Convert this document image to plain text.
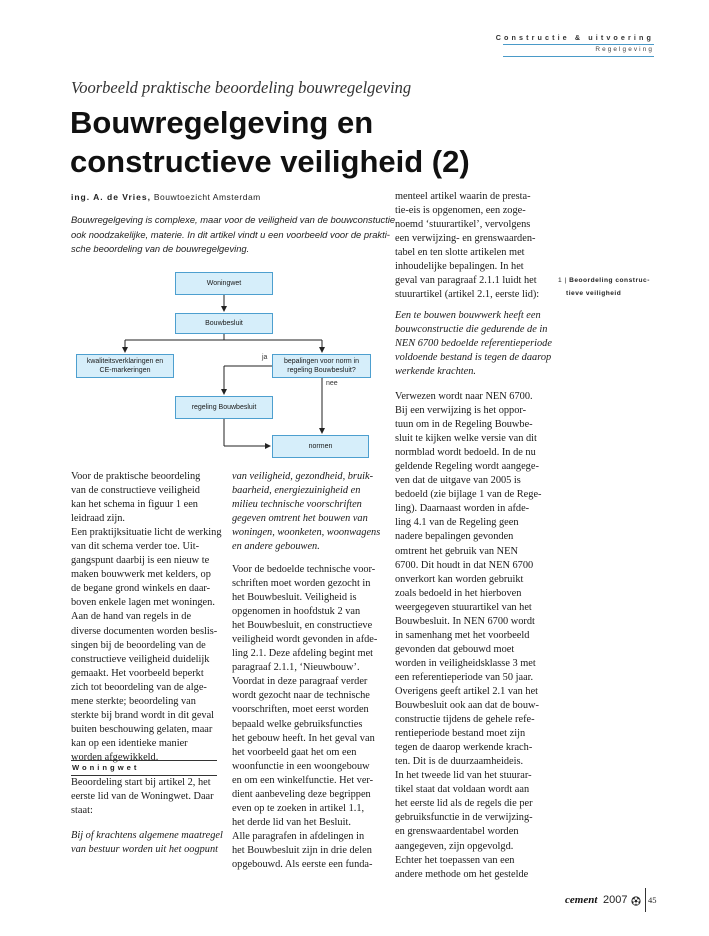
Constructie & uitvoering
Regelgeving
Voorbeeld praktische beoordeling bouwregelgeving
Bouwregelgeving en
constructieve veiligheid (2)
ing. A. de Vries, Bouwtoezicht Amsterdam
Bouwregelgeving is complexe, maar voor de veiligheid van de bouwconstuctie
ook noodzakelijke, materie. In dit artikel vindt u een voorbeeld voor de prakti-
sche beoordeling van de bouwregelgeving.
Woningwet
Bouwbesluit
kwaliteitsverklaringen en
CE-markeringen
bepalingen voor norm in
regeling Bouwbesluit?
regeling Bouwbesluit
normen
ja
nee
1 | Beoordeling construc-
tieve veiligheid
Voor de praktische beoordeling
van de constructieve veiligheid
kan het schema in figuur 1 een
leidraad zijn.
Een praktijksituatie licht de werking
van dit schema verder toe. Uit-
gangspunt daarbij is een nieuw te
maken bouwwerk met kelders, op
de begane grond winkels en daar-
boven enkele lagen met woningen.
Aan de hand van regels in de
diverse documenten worden beslis-
singen bij de beoordeling van de
constructieve veiligheid duidelijk
gemaakt. Het voorbeeld beperkt
zich tot beoordeling van de alge-
mene sterkte; beoordeling van
sterkte bij brand wordt in dit geval
buiten beschouwing gelaten, maar
kan op een identieke manier
worden afgewikkeld.
Woningwet
Beoordeling start bij artikel 2, het
eerste lid van de Woningwet. Daar
staat:
Bij of krachtens algemene maatregel
van bestuur worden uit het oogpunt
van veiligheid, gezondheid, bruik-
baarheid, energiezuinigheid en
milieu technische voorschriften
gegeven omtrent het bouwen van
woningen, woonketen, woonwagens
en andere gebouwen.
Voor de bedoelde technische voor-
schriften moet worden gezocht in
het Bouwbesluit. Veiligheid is
opgenomen in hoofdstuk 2 van
het Bouwbesluit, en constructieve
veiligheid wordt gevonden in afde-
ling 2.1. Deze afdeling begint met
paragraaf 2.1.1, ‘Nieuwbouw’.
Voordat in deze paragraaf verder
wordt gezocht naar de technische
voorschriften, moet eerst worden
bepaald welke gebruiksfuncties
het gebouw heeft. In het geval van
het voorbeeld gaat het om een
woonfunctie in een woongebouw
en om een winkelfunctie. Het ver-
dient aanbeveling deze begrippen
even op te zoeken in artikel 1.1,
het derde lid van het Besluit.
Alle paragrafen in afdelingen in
het Bouwbesluit zijn in drie delen
opgebouwd. Als eerste een funda-
menteel artikel waarin de presta-
tie-eis is opgenomen, een zoge-
noemd ‘stuurartikel’, vervolgens
een verwijzing- en grenswaarden-
tabel en ten slotte artikelen met
inhoudelijke bepalingen. In het
geval van paragraaf 2.1.1 luidt het
stuurartikel (artikel 2.1, eerste lid):
Een te bouwen bouwwerk heeft een
bouwconstructie die gedurende de in
NEN 6700 bedoelde referentieperiode
voldoende bestand is tegen de daarop
werkende krachten.
Verwezen wordt naar NEN 6700.
Bij een verwijzing is het oppor-
tuun om in de Regeling Bouwbe-
sluit te kijken welke versie van dit
normblad wordt bedoeld. In de nu
geldende Regeling wordt aangege-
ven dat de uitgave van 2005 is
bedoeld (zie bijlage 1 van de Rege-
ling). Daarnaast worden in afde-
ling 4.1 van de Regeling geen
nadere bepalingen gevonden
omtrent het gebruik van NEN
6700. Dit houdt in dat NEN 6700
onverkort kan worden gebruikt
zoals bedoeld in het hierboven
weergegeven stuurartikel van het
Bouwbesluit. In NEN 6700 wordt
in samenhang met het voorbeeld
gevonden dat gebouwd moet
worden in veiligheidsklasse 3 met
een referentieperiode van 50 jaar.
Overigens geeft artikel 2.1 van het
Bouwbesluit ook aan dat de bouw-
constructie tijdens de gehele refe-
rentieperiode bestand moet zijn
tegen de daarop werkende krach-
ten. Dit is de duurzaamheideis.
In het tweede lid van het stuurar-
tikel staat dat voldaan wordt aan
het eerste lid als de regels die per
gebruiksfunctie in de verwijzing-
en grenswaardentabel worden
aangegeven, zijn opgevolgd.
Echter het toepassen van een
andere methode om het gestelde
cement 2007 45
